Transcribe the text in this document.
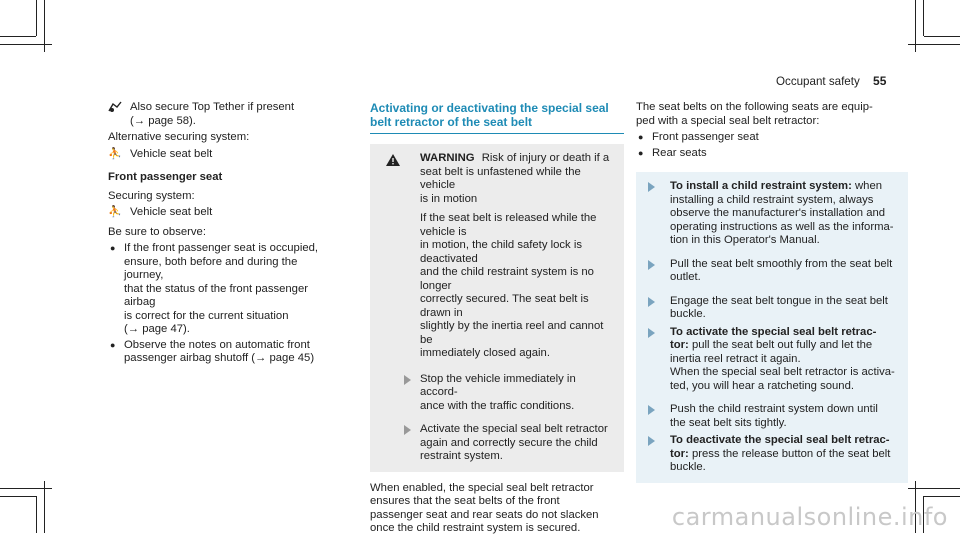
Occupant safety 55
Also secure Top Tether if present
(→ page 58).
Alternative securing system:
⛹ Vehicle seat belt
Front passenger seat
Securing system:
⛹ Vehicle seat belt
Be sure to observe:
● If the front passenger seat is occupied,
ensure, both before and during the journey,
that the status of the front passenger airbag
is correct for the current situation
(→ page 47).
● Observe the notes on automatic front
passenger airbag shutoff (→ page 45)
Activating or deactivating the special seal
belt retractor of the seat belt
WARNING Risk of injury or death if a
seat belt is unfastened while the vehicle
is in motion
If the seat belt is released while the vehicle is
in motion, the child safety lock is deactivated
and the child restraint system is no longer
correctly secured. The seat belt is drawn in
slightly by the inertia reel and cannot be
immediately closed again.
Stop the vehicle immediately in accord-
ance with the traffic conditions.
Activate the special seal belt retractor
again and correctly secure the child
restraint system.
When enabled, the special seal belt retractor
ensures that the seat belts of the front
passenger seat and rear seats do not slacken
once the child restraint system is secured.
The seat belts on the following seats are equip-
ped with a special seal belt retractor:
● Front passenger seat
● Rear seats
To install a child restraint system: when
installing a child restraint system, always
observe the manufacturer's installation and
operating instructions as well as the informa-
tion in this Operator's Manual.
Pull the seat belt smoothly from the seat belt
outlet.
Engage the seat belt tongue in the seat belt
buckle.
To activate the special seal belt retrac-
tor: pull the seat belt out fully and let the
inertia reel retract it again.
When the special seal belt retractor is activa-
ted, you will hear a ratcheting sound.
Push the child restraint system down until
the seat belt sits tightly.
To deactivate the special seal belt retrac-
tor: press the release button of the seat belt
buckle.
carmanualsonline.info
